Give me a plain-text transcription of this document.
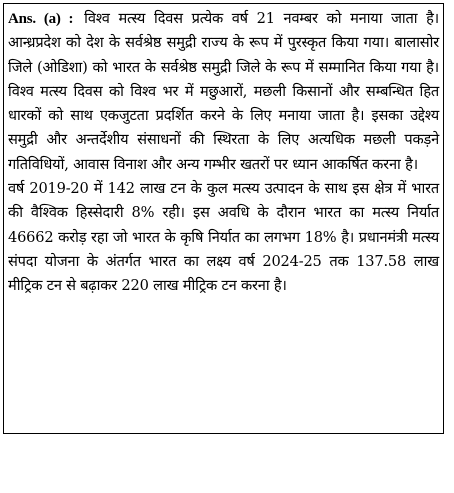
Ans. (a) : विश्व मत्स्य दिवस प्रत्येक वर्ष 21 नवम्बर को मनाया जाता है। आन्ध्रप्रदेश को देश के सर्वश्रेष्ठ समुद्री राज्य के रूप में पुरस्कृत किया गया। बालासोर जिले (ओडिशा) को भारत के सर्वश्रेष्ठ समुद्री जिले के रूप में सम्मानित किया गया है। विश्व मत्स्य दिवस को विश्व भर में मछुआरों, मछली किसानों और सम्बन्धित हित धारकों को साथ एकजुटता प्रदर्शित करने के लिए मनाया जाता है। इसका उद्देश्य समुद्री और अन्तर्देशीय संसाधनों की स्थिरता के लिए अत्यधिक मछली पकड़ने गतिविधियों, आवास विनाश और अन्य गम्भीर खतरों पर ध्यान आकर्षित करना है।

वर्ष 2019-20 में 142 लाख टन के कुल मत्स्य उत्पादन के साथ इस क्षेत्र में भारत की वैश्विक हिस्सेदारी 8% रही। इस अवधि के दौरान भारत का मत्स्य निर्यात 46662 करोड़ रहा जो भारत के कृषि निर्यात का लगभग 18% है। प्रधानमंत्री मत्स्य संपदा योजना के अंतर्गत भारत का लक्ष्य वर्ष 2024-25 तक 137.58 लाख मीट्रिक टन से बढ़ाकर 220 लाख मीट्रिक टन करना है।
